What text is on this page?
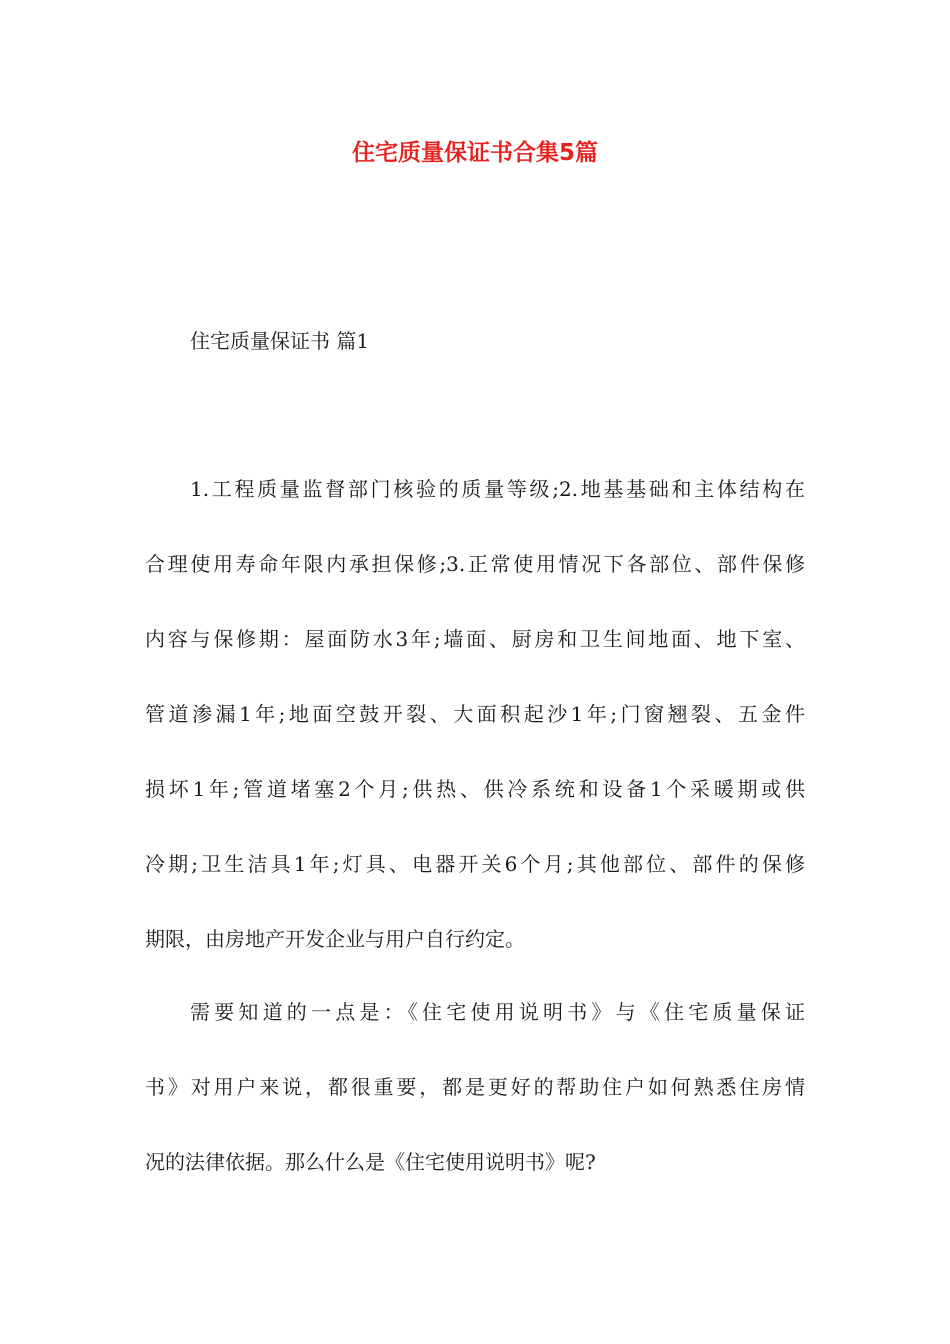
住宅质量保证书合集5篇
住宅质量保证书 篇1
1.工程质量监督部门核验的质量等级;2.地基基础和主体结构在
合理使用寿命年限内承担保修;3.正常使用情况下各部位、部件保修
内容与保修期：屋面防水3年;墙面、厨房和卫生间地面、地下室、
管道渗漏1年;地面空鼓开裂、大面积起沙1年;门窗翘裂、五金件
损坏1年;管道堵塞2个月;供热、供冷系统和设备1个采暖期或供
冷期;卫生洁具1年;灯具、电器开关6个月;其他部位、部件的保修
期限，由房地产开发企业与用户自行约定。
需要知道的一点是：《住宅使用说明书》与《住宅质量保证
书》对用户来说，都很重要，都是更好的帮助住户如何熟悉住房情
况的法律依据。那么什么是《住宅使用说明书》呢?
